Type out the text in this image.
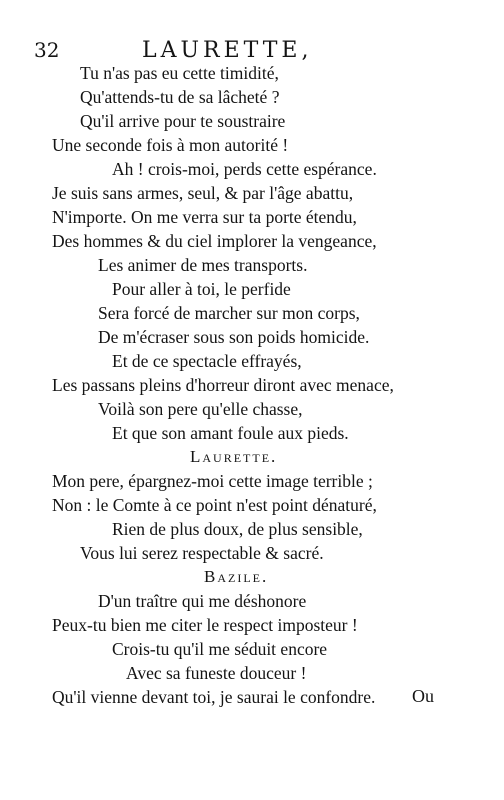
32	LAURETTE,
Tu n'as pas eu cette timidité,
Qu'attends-tu de sa lâcheté ?
Qu'il arrive pour te soustraire
Une seconde fois à mon autorité !
Ah ! crois-moi, perds cette espérance.
Je suis sans armes, seul, & par l'âge abattu,
N'importe. On me verra sur ta porte étendu,
Des hommes & du ciel implorer la vengeance,
Les animer de mes transports.
Pour aller à toi, le perfide
Sera forcé de marcher sur mon corps,
De m'écraser sous son poids homicide.
Et de ce spectacle effrayés,
Les passans pleins d'horreur diront avec menace,
Voilà son pere qu'elle chasse,
Et que son amant foule aux pieds.
Laurette.
Mon pere, épargnez-moi cette image terrible ;
Non : le Comte à ce point n'est point dénaturé,
Rien de plus doux, de plus sensible,
Vous lui serez respectable & sacré.
Bazile.
D'un traître qui me déshonore
Peux-tu bien me citer le respect imposteur !
Crois-tu qu'il me séduit encore
Avec sa funeste douceur !
Qu'il vienne devant toi, je saurai le confondre. Ou
